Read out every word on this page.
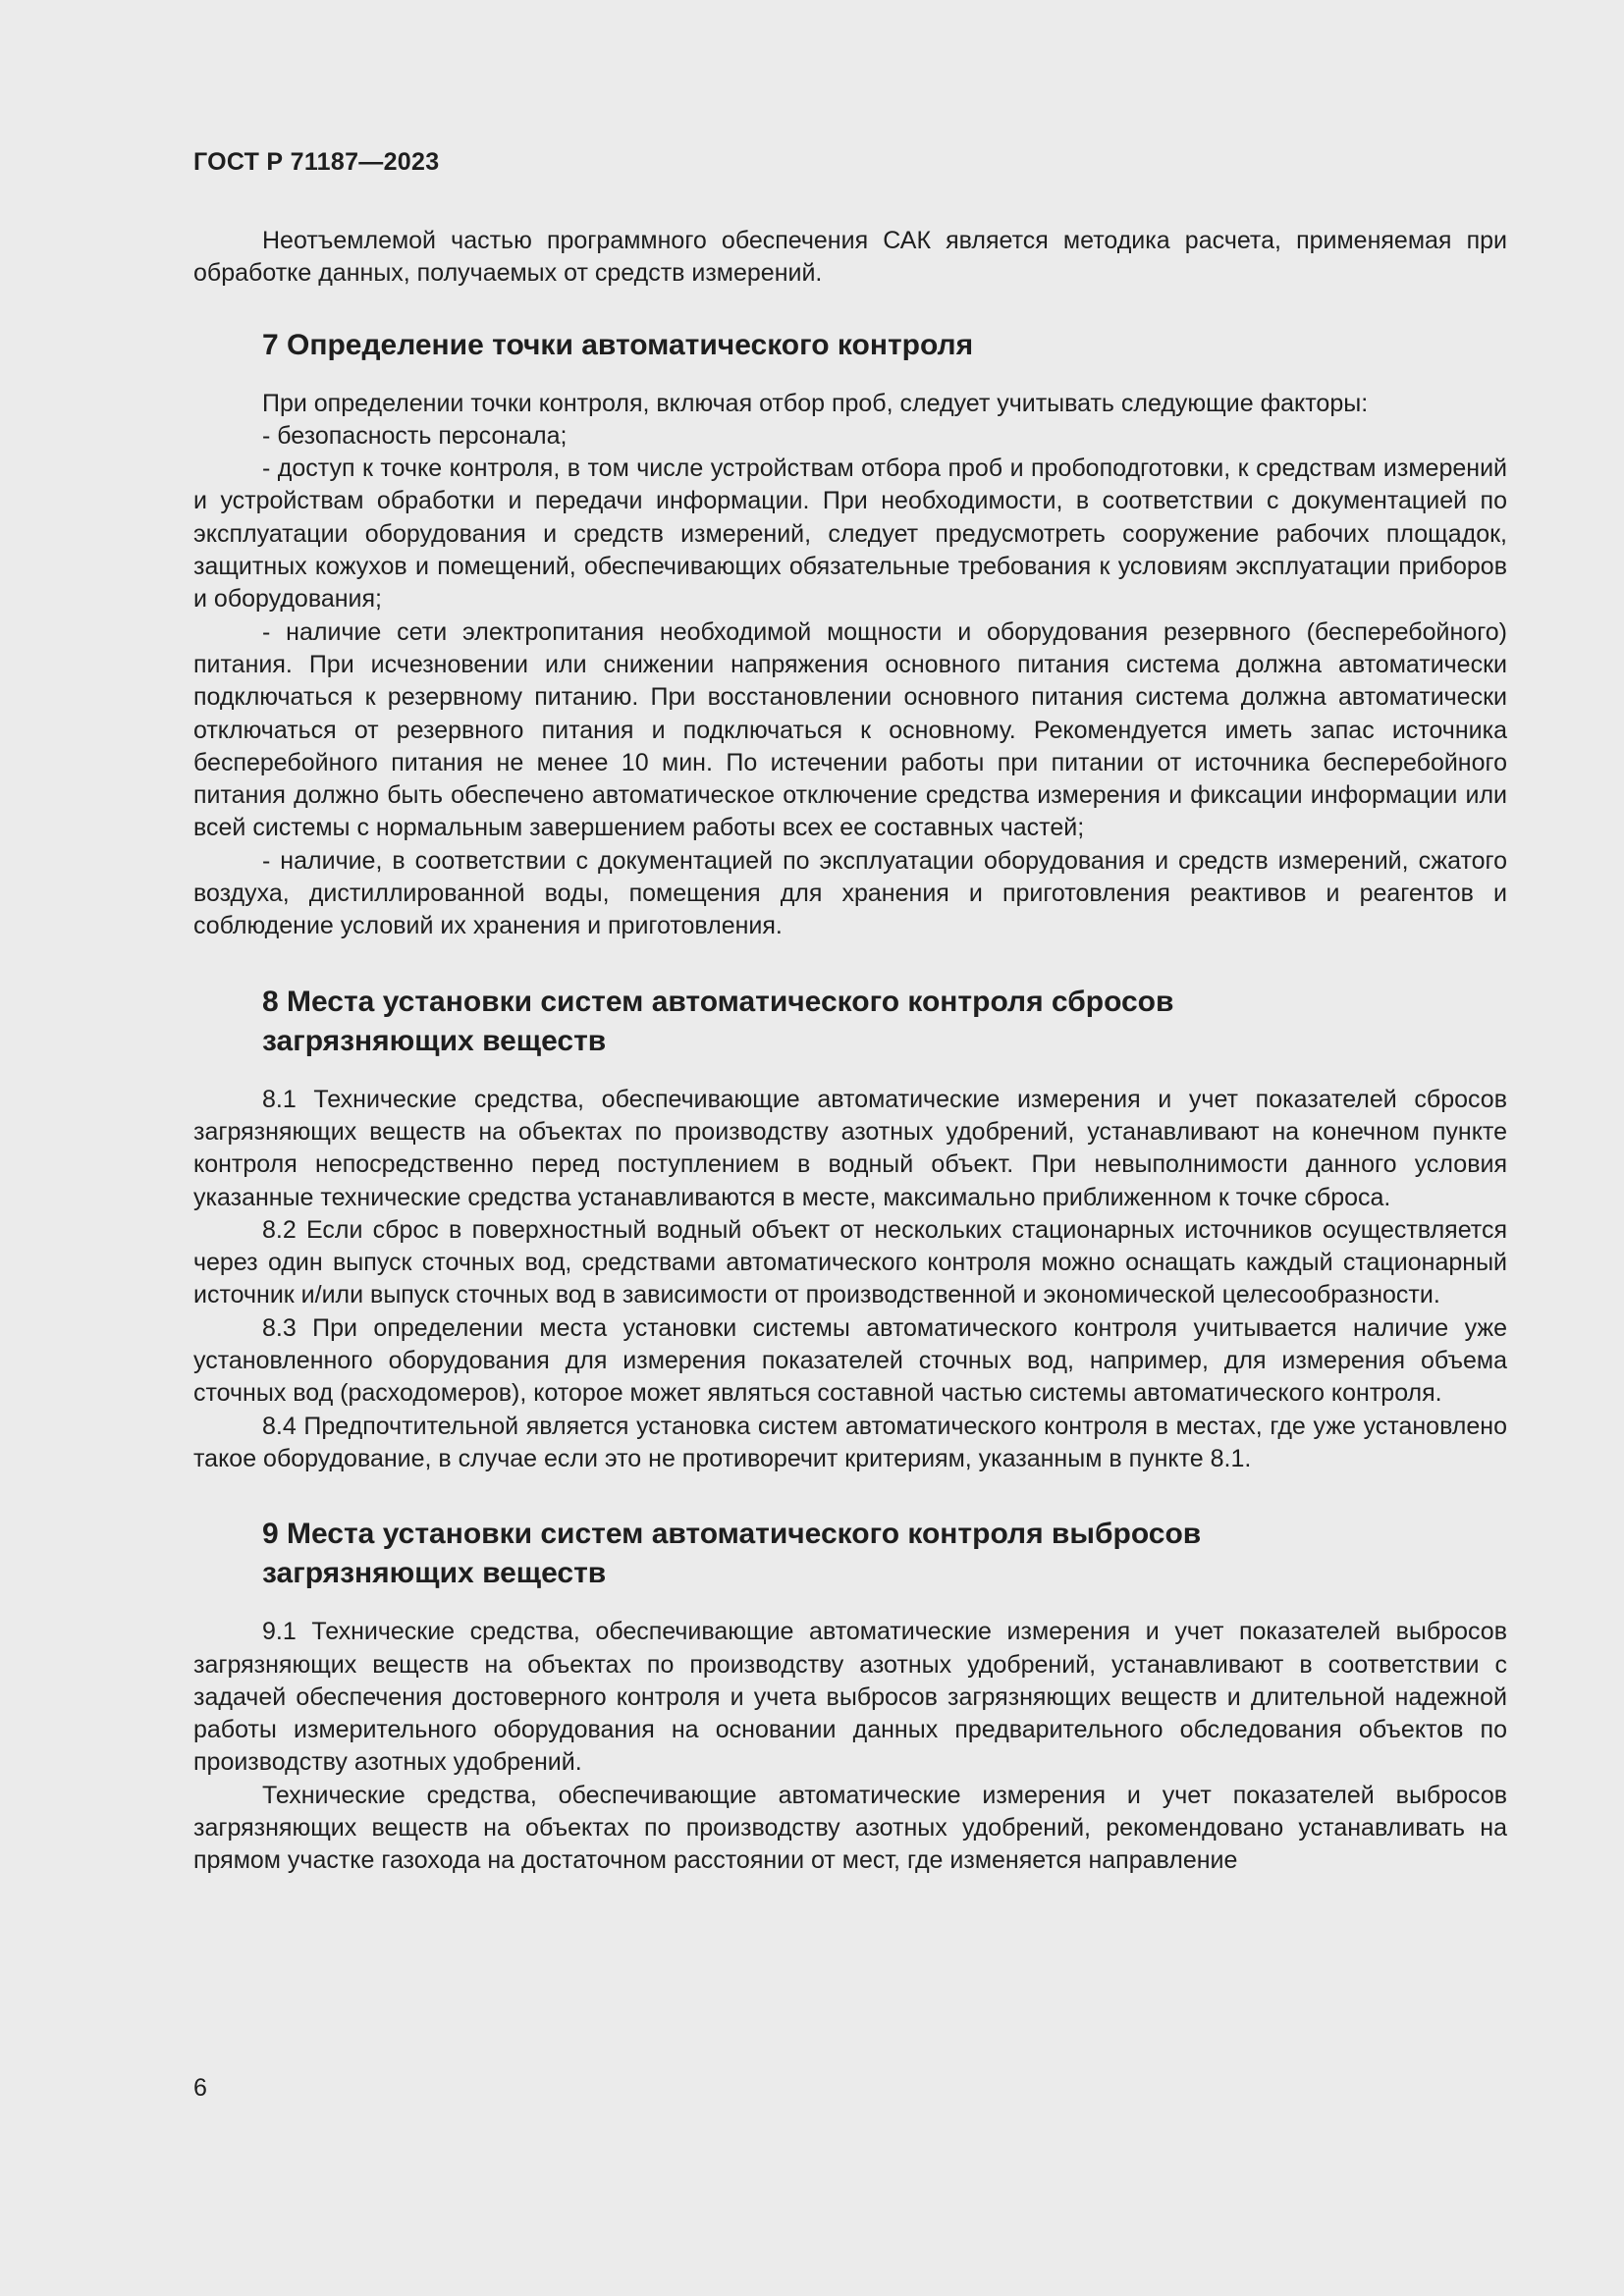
ГОСТ Р 71187—2023

Неотъемлемой частью программного обеспечения САК является методика расчета, применяемая при обработке данных, получаемых от средств измерений.

7 Определение точки автоматического контроля

При определении точки контроля, включая отбор проб, следует учитывать следующие факторы:

- безопасность персонала;

- доступ к точке контроля, в том числе устройствам отбора проб и пробоподготовки, к средствам измерений и устройствам обработки и передачи информации. При необходимости, в соответствии с документацией по эксплуатации оборудования и средств измерений, следует предусмотреть сооружение рабочих площадок, защитных кожухов и помещений, обеспечивающих обязательные требования к условиям эксплуатации приборов и оборудования;

- наличие сети электропитания необходимой мощности и оборудования резервного (бесперебойного) питания. При исчезновении или снижении напряжения основного питания система должна автоматически подключаться к резервному питанию. При восстановлении основного питания система должна автоматически отключаться от резервного питания и подключаться к основному. Рекомендуется иметь запас источника бесперебойного питания не менее 10 мин. По истечении работы при питании от источника бесперебойного питания должно быть обеспечено автоматическое отключение средства измерения и фиксации информации или всей системы с нормальным завершением работы всех ее составных частей;

- наличие, в соответствии с документацией по эксплуатации оборудования и средств измерений, сжатого воздуха, дистиллированной воды, помещения для хранения и приготовления реактивов и реагентов и соблюдение условий их хранения и приготовления.

8 Места установки систем автоматического контроля сбросов
загрязняющих веществ

8.1 Технические средства, обеспечивающие автоматические измерения и учет показателей сбросов загрязняющих веществ на объектах по производству азотных удобрений, устанавливают на конечном пункте контроля непосредственно перед поступлением в водный объект. При невыполнимости данного условия указанные технические средства устанавливаются в месте, максимально приближенном к точке сброса.

8.2 Если сброс в поверхностный водный объект от нескольких стационарных источников осуществляется через один выпуск сточных вод, средствами автоматического контроля можно оснащать каждый стационарный источник и/или выпуск сточных вод в зависимости от производственной и экономической целесообразности.

8.3 При определении места установки системы автоматического контроля учитывается наличие уже установленного оборудования для измерения показателей сточных вод, например, для измерения объема сточных вод (расходомеров), которое может являться составной частью системы автоматического контроля.

8.4 Предпочтительной является установка систем автоматического контроля в местах, где уже установлено такое оборудование, в случае если это не противоречит критериям, указанным в пункте 8.1.

9 Места установки систем автоматического контроля выбросов
загрязняющих веществ

9.1 Технические средства, обеспечивающие автоматические измерения и учет показателей выбросов загрязняющих веществ на объектах по производству азотных удобрений, устанавливают в соответствии с задачей обеспечения достоверного контроля и учета выбросов загрязняющих веществ и длительной надежной работы измерительного оборудования на основании данных предварительного обследования объектов по производству азотных удобрений.

Технические средства, обеспечивающие автоматические измерения и учет показателей выбросов загрязняющих веществ на объектах по производству азотных удобрений, рекомендовано устанавливать на прямом участке газохода на достаточном расстоянии от мест, где изменяется направление

6
